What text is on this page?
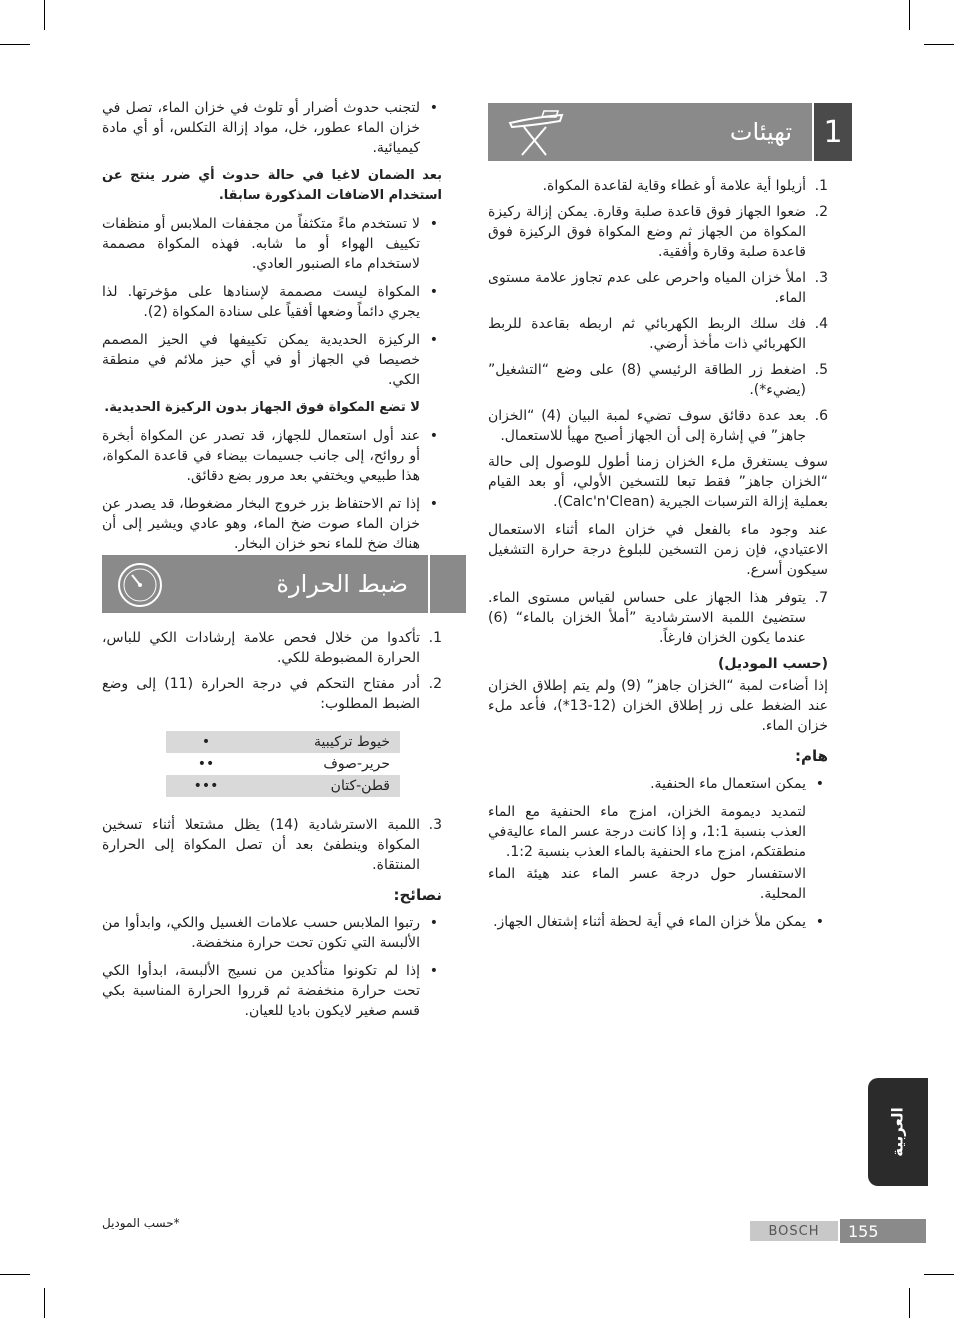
1
تهيئات
1.
أزيلوا أية علامة أو غطاء وقاية لقاعدة المكواة.
2.
ضعوا الجهاز فوق قاعدة صلبة وقارة. يمكن إزالة ركيزة المكواة من الجهاز ثم وضع المكواة فوق الركيزة فوق قاعدة صلبة وقارة وأفقية.
3.
املأ خزان المياه واحرص على عدم تجاوز علامة مستوى الماء.
4.
فك سلك الربط الكهربائي ثم اربطه بقاعدة للربط الكهربائي ذات مأخذ أرضي.
5.
اضغط زر الطاقة الرئيسي (8) على وضع “التشغيل” (يضيء*).
6.
بعد عدة دقائق سوف تضيء لمبة البيان (4) “الخزان جاهز” في إشارة إلى أن الجهاز أصبح مهيأ للاستعمال.

سوف يستغرق ملء الخزان زمنا أطول للوصول إلى حالة “الخزان جاهز” فقط تبعا للتسخين الأولي، أو بعد القيام بعملية إزالة الترسبات الجيرية (Calc'n'Clean).

عند وجود ماء بالفعل في خزان الماء أثناء الاستعمال الاعتيادي، فإن زمن التسخين للبلوغ درجة حرارة التشغيل سيكون أسرع.

7.
يتوفر هذا الجهاز على حساس لقياس مستوى الماء. ستضيئ اللمبة الاسترشادية ”أملأ الخزان بالماء“ (6) عندما يكون الخزان فارغاً.

(حسب الموديل)

إذا أضاءت لمبة “الخزان جاهز” (9) ولم يتم إطلاق الخزان عند الضغط على زر إطلاق الخزان (12-13*)، فأعد ملء خزان الماء.

هام:

•
يمكن استعمال ماء الحنفية.
لتمديد ديمومة الخزان، امزج ماء الحنفية مع الماء العذب بنسبة 1:1، و إذا كانت درجة عسر الماء عاليةفي منطقتكم، امزج ماء الحنفية بالماء العذب بنسبة 1:2.
الاستفسار حول درجة عسر الماء عند هيئة الماء المحلية.
•
يمكن ملأ خزان الماء في أية لحظة أثناء إشتغال الجهاز.
•
لتجنب حدوث أضرار أو تلوث في خزان الماء، تصل في خزان الماء عطور، خل، مواد إزالة التكلس، أو أي مادة كيميائية.

بعد الضمان لاغيا في حالة حدوث أي ضرر ينتج عن استخدام الاضافات المذكورة سابقا.

•
لا تستخدم ماءً متكثفاً من مجففات الملابس أو منظفات تكييف الهواء أو ما شابه. فهذه المكواة مصممة لاستخدام ماء الصنبور العادي.
•
المكواة ليست مصممة لإسنادها على مؤخرتها. لذا يجري دائماً وضعها أفقياً على سنادة المكواة (2).
•
الركيزة الحديدية يمكن تكييفها في الحيز المصمم خصيصا في الجهاز أو في أي حيز ملائم في منطقة الكي.

لا تضع المكواة فوق الجهاز بدون الركيزة الحديدية.

•
عند أول استعمال للجهاز، قد تصدر عن المكواة أبخرة أو روائح، إلى جانب جسيمات بيضاء في قاعدة المكواة، هذا طبيعي ويختفي بعد مرور بضع دقائق.
•
إذا تم الاحتفاظ بزر خروج البخار مضغوطا، قد يصدر عن خزان الماء صوت ضخ الماء، وهو عادي ويشير إلى أن هناك ضخ للماء نحو خزان البخار.
ضبط الحرارة
1.
تأكدوا من خلال فحص علامة إرشادات الكي للباس، الحرارة المضبوطة للكي.
2.
أدر مفتاح التحكم في درجة الحرارة (11) إلى وضع الضبط المطلوب:
خيوط تركيبية	•
حرير-صوف	••
قطن-كتان	•••
3.
اللمبة الاسترشادية (14) يظل مشتعلا أثناء تسخين المكواة وينطفئ بعد أن تصل المكواة إلى الحرارة المنتقاة.

نصائح:

•
رتبوا الملابس حسب علامات الغسيل والكي، وابدأوا من الألبسة التي تكون تحت حرارة منخفضة.
•
إذا لم تكونوا متأكدين من نسيج الألبسة، ابدأوا الكي تحت حرارة منخفضة ثم قرروا الحرارة المناسبة بكي قسم صغير لايكون باديا للعيان.
العربية
*حسب الموديل
BOSCH 155
